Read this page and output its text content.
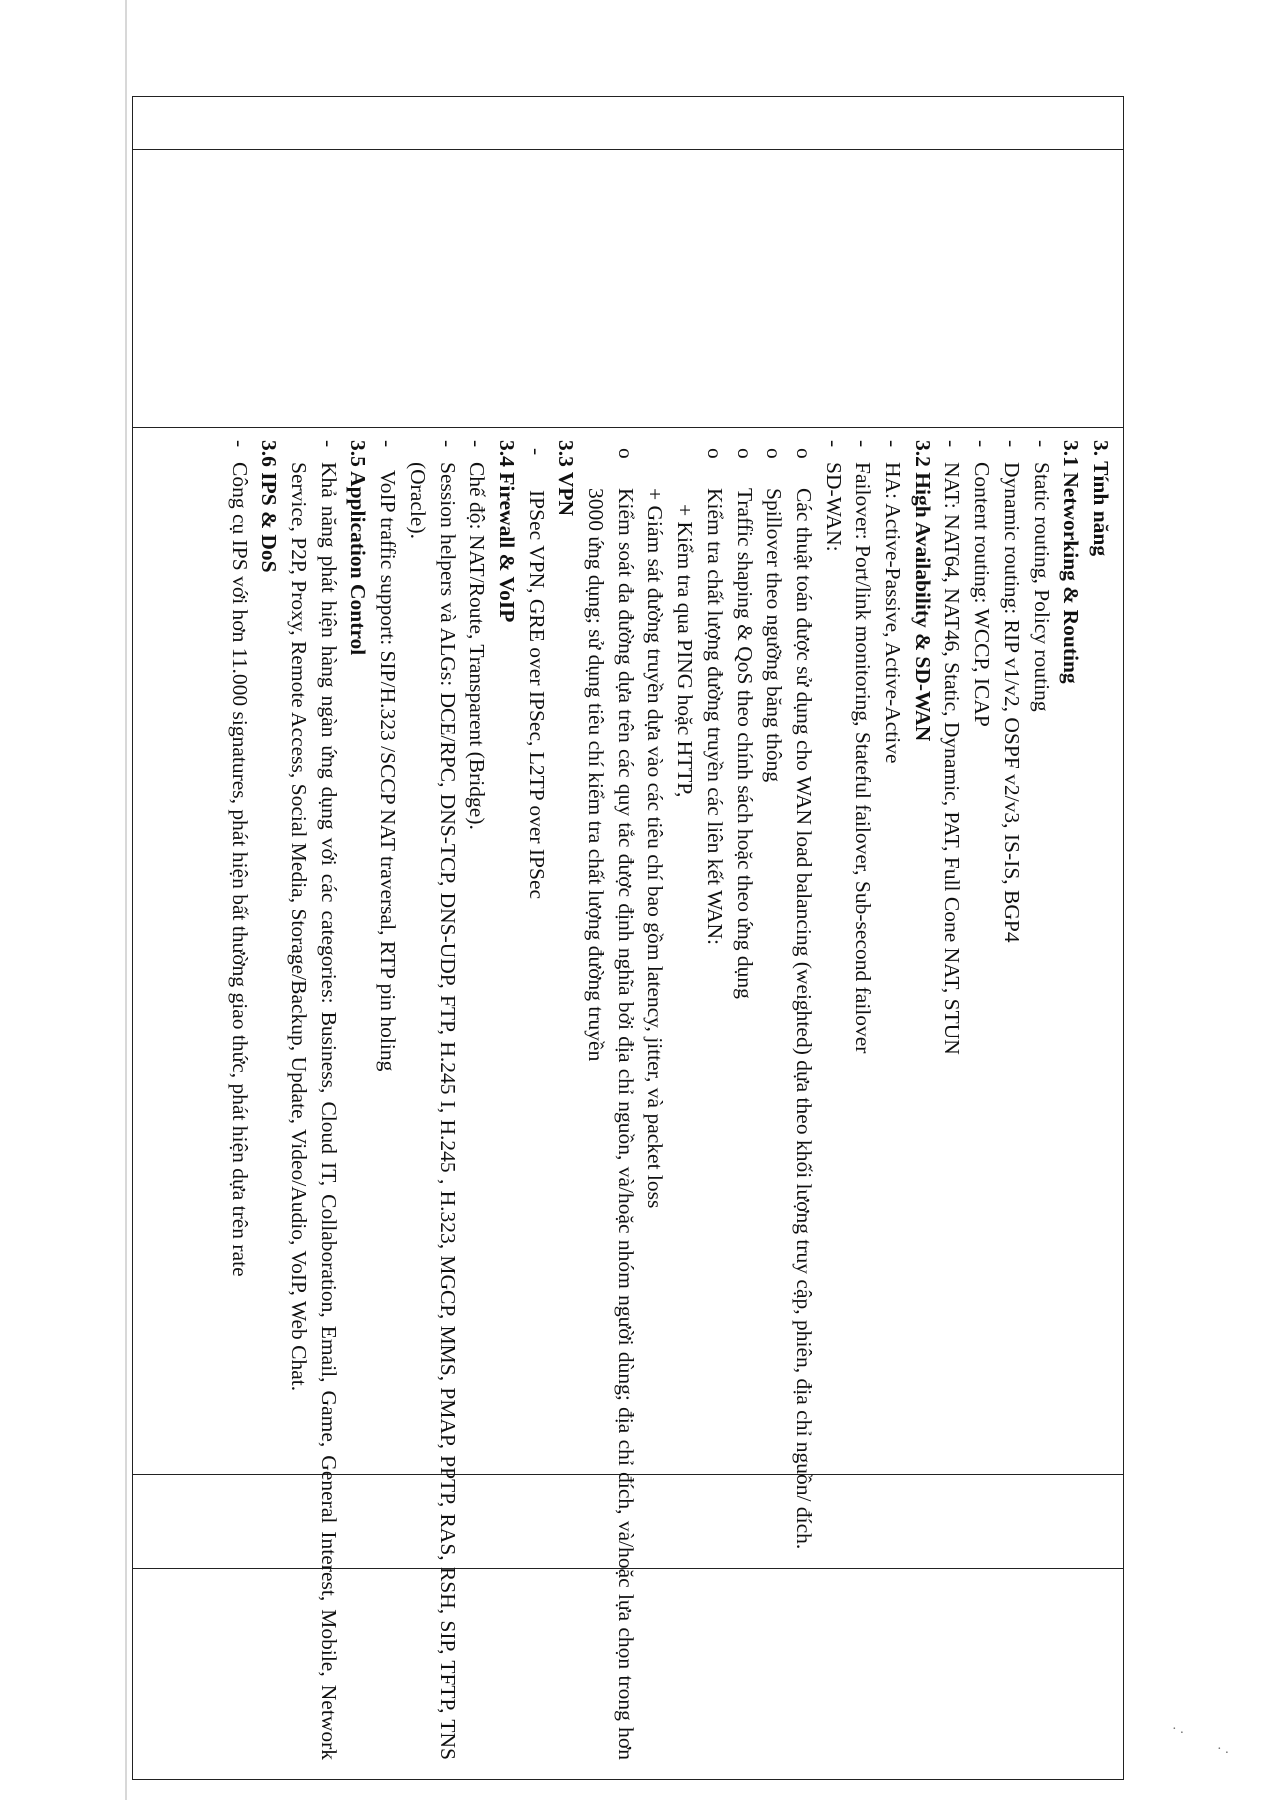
3. Tính năng
3.1 Networking & Routing
-
Static routing, Policy routing
-
Dynamic routing: RIP v1/v2, OSPF v2/v3, IS-IS, BGP4
-
Content routing: WCCP, ICAP
-
NAT: NAT64, NAT46, Static, Dynamic, PAT, Full Cone NAT, STUN
3.2 High Availability & SD-WAN
-
HA: Active-Passive, Active-Active
-
Failover: Port/link monitoring, Stateful failover, Sub-second failover
-
SD-WAN:
o
Các thuật toán được sử dụng cho WAN load balancing (weighted) dựa theo khối lượng truy cập, phiên, địa chỉ nguồn/ đích.
o
Spillover theo ngưỡng băng thông
o
Traffic shaping & QoS theo chính sách hoặc theo ứng dụng
o
Kiểm tra chất lượng đường truyền các liên kết WAN:
+ Kiểm tra qua PING hoặc HTTP,
+ Giám sát đường truyền dựa vào các tiêu chí bao gồm latency, jitter, và packet loss
o
Kiểm soát đa đường dựa trên các quy tắc được định nghĩa bởi địa chỉ nguồn, và/hoặc nhóm người dùng; địa chỉ đích, và/hoặc lựa chọn trong hơn 3000 ứng dụng; sử dụng tiêu chí kiểm tra chất lượng đường truyền
3.3 VPN
-
IPSec VPN, GRE over IPSec, L2TP over IPSec
3.4 Firewall & VoIP
-
Chế độ: NAT/Route, Transparent (Bridge).
-
Session helpers và ALGs: DCE/RPC, DNS-TCP, DNS-UDP, FTP, H.245 I, H.245 , H.323, MGCP, MMS, PMAP, PPTP, RAS, RSH, SIP, TFTP, TNS (Oracle).
-
VoIP traffic support: SIP/H.323 /SCCP NAT traversal, RTP pin holing
3.5 Application Control
-
Khả năng phát hiện hàng ngàn ứng dụng với các categories: Business, Cloud IT, Collaboration, Email, Game, General Interest, Mobile, Network Service, P2P, Proxy, Remote Access, Social Media, Storage/Backup, Update, Video/Audio, VoIP, Web Chat.
3.6 IPS & DoS
-
Công cụ IPS với hơn 11.000 signatures, phát hiện bất thường giao thức, phát hiện dựa trên rate
· .
· .
